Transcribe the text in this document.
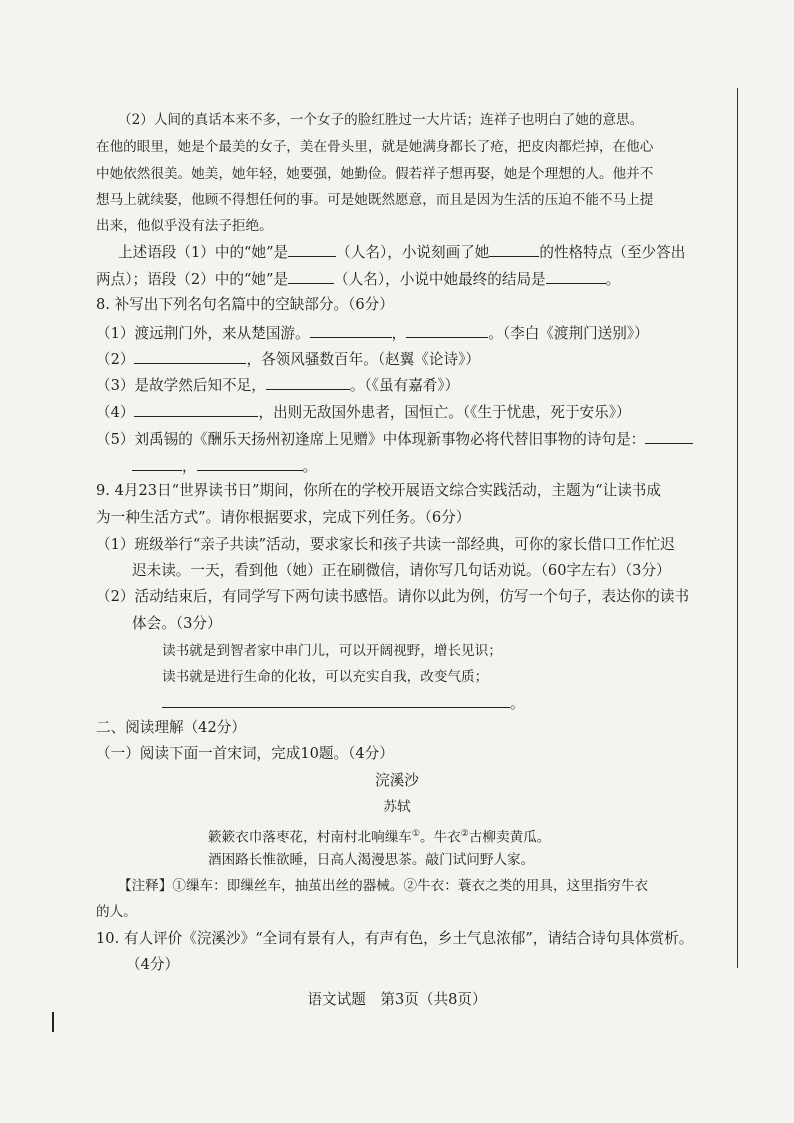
（2）人间的真话本来不多，一个女子的脸红胜过一大片话；连祥子也明白了她的意思。
在他的眼里，她是个最美的女子，美在骨头里，就是她满身都长了疮，把皮肉都烂掉，在他心
中她依然很美。她美，她年轻，她要强，她勤俭。假若祥子想再娶，她是个理想的人。他并不
想马上就续娶，他顾不得想任何的事。可是她既然愿意，而且是因为生活的压迫不能不马上提
出来，他似乎没有法子拒绝。
上述语段（1）中的“她”是	（人名），小说刻画了她	的性格特点（至少答出
两点）；语段（2）中的“她”是	（人名），小说中她最终的结局是	。
8. 补写出下列名句名篇中的空缺部分。（6分）
（1）渡远荆门外，来从楚国游。	，	。（李白《渡荆门送别》）
（2）	，各领风骚数百年。（赵翼《论诗》）
（3）是故学然后知不足，	。（《虽有嘉肴》）
（4）	，出则无敌国外患者，国恒亡。（《生于忧患，死于安乐》）
（5）刘禹锡的《酬乐天扬州初逢席上见赠》中体现新事物必将代替旧事物的诗句是：
，	。
9. 4月23日“世界读书日”期间，你所在的学校开展语文综合实践活动，主题为“让读书成
为一种生活方式”。请你根据要求，完成下列任务。（6分）
（1）班级举行“亲子共读”活动，要求家长和孩子共读一部经典，可你的家长借口工作忙迟
迟未读。一天，看到他（她）正在刷微信，请你写几句话劝说。（60字左右）（3分）
（2）活动结束后，有同学写下两句读书感悟。请你以此为例，仿写一个句子，表达你的读书
体会。（3分）
读书就是到智者家中串门儿，可以开阔视野，增长见识；
读书就是进行生命的化妆，可以充实自我，改变气质；
。
二、阅读理解（42分）
（一）阅读下面一首宋词，完成10题。（4分）
浣溪沙
苏轼
簌簌衣巾落枣花，村南村北响缫车①。牛衣②古柳卖黄瓜。
酒困路长惟欲睡，日高人渴漫思茶。敲门试问野人家。
【注释】①缫车：即缫丝车，抽茧出丝的器械。②牛衣：蓑衣之类的用具，这里指穷牛衣
的人。
10. 有人评价《浣溪沙》“全词有景有人，有声有色，乡土气息浓郁”，请结合诗句具体赏析。
（4分）
语文试题　第3页（共8页）
